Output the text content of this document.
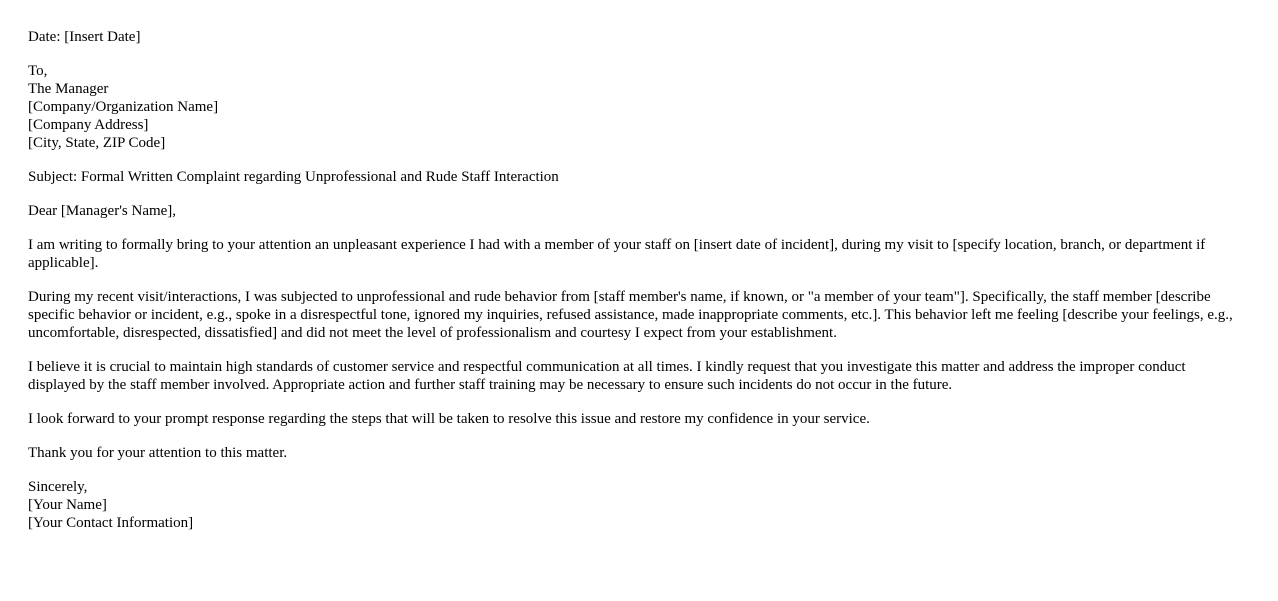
Date: [Insert Date]
To,
The Manager
[Company/Organization Name]
[Company Address]
[City, State, ZIP Code]
Subject: Formal Written Complaint regarding Unprofessional and Rude Staff Interaction
Dear [Manager's Name],

I am writing to formally bring to your attention an unpleasant experience I had with a member of your staff on [insert date of incident], during my visit to [specify location, branch, or department if applicable].

During my recent visit/interactions, I was subjected to unprofessional and rude behavior from [staff member's name, if known, or "a member of your team"]. Specifically, the staff member [describe specific behavior or incident, e.g., spoke in a disrespectful tone, ignored my inquiries, refused assistance, made inappropriate comments, etc.]. This behavior left me feeling [describe your feelings, e.g., uncomfortable, disrespected, dissatisfied] and did not meet the level of professionalism and courtesy I expect from your establishment.

I believe it is crucial to maintain high standards of customer service and respectful communication at all times. I kindly request that you investigate this matter and address the improper conduct displayed by the staff member involved. Appropriate action and further staff training may be necessary to ensure such incidents do not occur in the future.

I look forward to your prompt response regarding the steps that will be taken to resolve this issue and restore my confidence in your service.

Thank you for your attention to this matter.

Sincerely,
[Your Name]
[Your Contact Information]
